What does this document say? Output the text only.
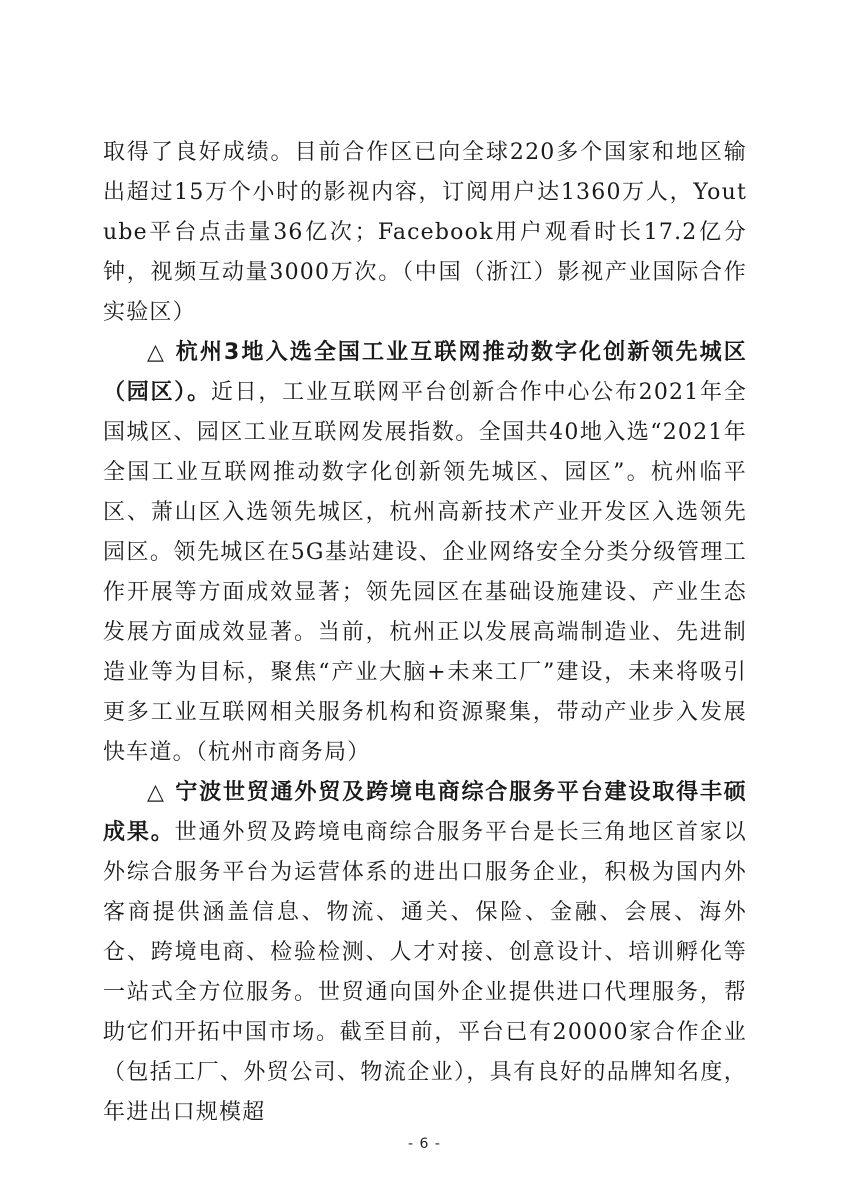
取得了良好成绩。目前合作区已向全球220多个国家和地区输出超过15万个小时的影视内容，订阅用户达1360万人，Youtube平台点击量36亿次；Facebook用户观看时长17.2亿分钟，视频互动量3000万次。（中国（浙江）影视产业国际合作实验区）

△ 杭州3地入选全国工业互联网推动数字化创新领先城区（园区）。近日，工业互联网平台创新合作中心公布2021年全国城区、园区工业互联网发展指数。全国共40地入选“2021年全国工业互联网推动数字化创新领先城区、园区”。杭州临平区、萧山区入选领先城区，杭州高新技术产业开发区入选领先园区。领先城区在5G基站建设、企业网络安全分类分级管理工作开展等方面成效显著；领先园区在基础设施建设、产业生态发展方面成效显著。当前，杭州正以发展高端制造业、先进制造业等为目标，聚焦“产业大脑+未来工厂”建设，未来将吸引更多工业互联网相关服务机构和资源聚集，带动产业步入发展快车道。（杭州市商务局）

△ 宁波世贸通外贸及跨境电商综合服务平台建设取得丰硕成果。世通外贸及跨境电商综合服务平台是长三角地区首家以外综合服务平台为运营体系的进出口服务企业，积极为国内外客商提供涵盖信息、物流、通关、保险、金融、会展、海外仓、跨境电商、检验检测、人才对接、创意设计、培训孵化等一站式全方位服务。世贸通向国外企业提供进口代理服务，帮助它们开拓中国市场。截至目前，平台已有20000家合作企业（包括工厂、外贸公司、物流企业），具有良好的品牌知名度，年进出口规模超

- 6 -
